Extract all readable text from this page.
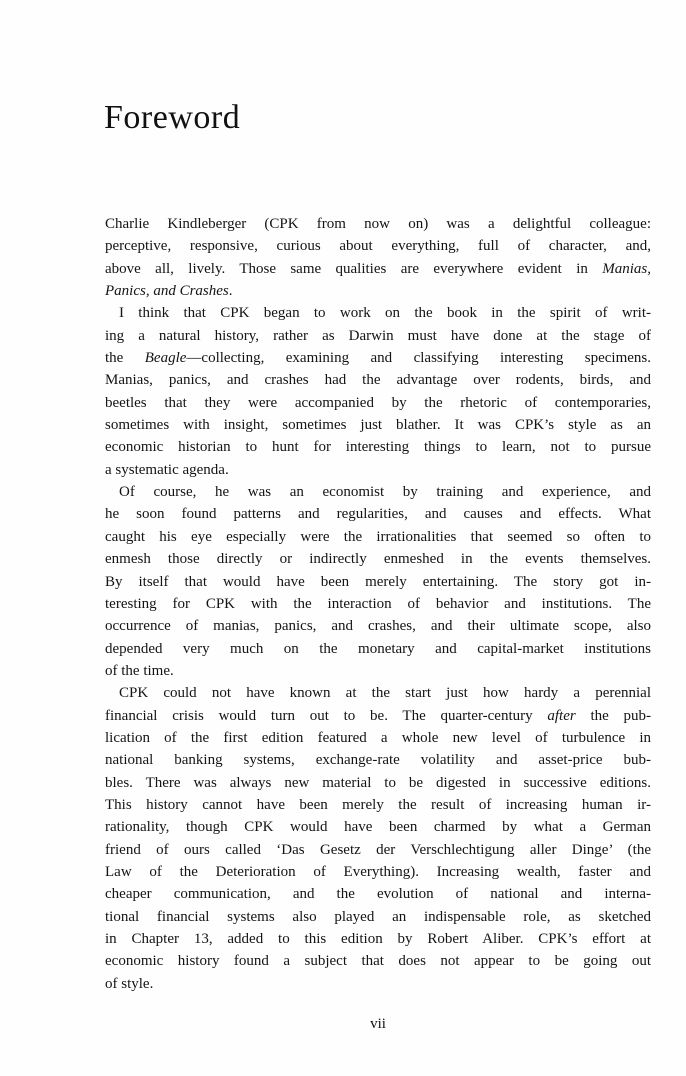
Foreword
Charlie Kindleberger (CPK from now on) was a delightful colleague:
perceptive, responsive, curious about everything, full of character, and,
above all, lively. Those same qualities are everywhere evident in Manias,
Panics, and Crashes.
I think that CPK began to work on the book in the spirit of writ-
ing a natural history, rather as Darwin must have done at the stage of
the Beagle—collecting, examining and classifying interesting specimens.
Manias, panics, and crashes had the advantage over rodents, birds, and
beetles that they were accompanied by the rhetoric of contemporaries,
sometimes with insight, sometimes just blather. It was CPK’s style as an
economic historian to hunt for interesting things to learn, not to pursue
a systematic agenda.
Of course, he was an economist by training and experience, and
he soon found patterns and regularities, and causes and effects. What
caught his eye especially were the irrationalities that seemed so often to
enmesh those directly or indirectly enmeshed in the events themselves.
By itself that would have been merely entertaining. The story got in-
teresting for CPK with the interaction of behavior and institutions. The
occurrence of manias, panics, and crashes, and their ultimate scope, also
depended very much on the monetary and capital-market institutions
of the time.
CPK could not have known at the start just how hardy a perennial
financial crisis would turn out to be. The quarter-century after the pub-
lication of the first edition featured a whole new level of turbulence in
national banking systems, exchange-rate volatility and asset-price bub-
bles. There was always new material to be digested in successive editions.
This history cannot have been merely the result of increasing human ir-
rationality, though CPK would have been charmed by what a German
friend of ours called ‘Das Gesetz der Verschlechtigung aller Dinge’ (the
Law of the Deterioration of Everything). Increasing wealth, faster and
cheaper communication, and the evolution of national and interna-
tional financial systems also played an indispensable role, as sketched
in Chapter 13, added to this edition by Robert Aliber. CPK’s effort at
economic history found a subject that does not appear to be going out
of style.
vii
